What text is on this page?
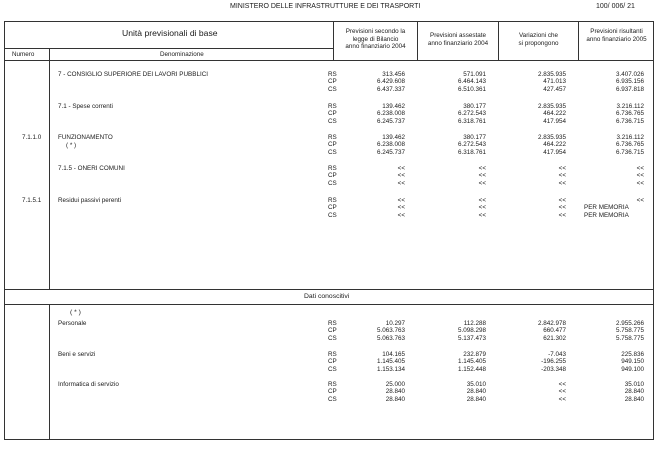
MINISTERO DELLE INFRASTRUTTURE E DEI TRASPORTI	100/ 006/ 21
Unità previsionali di base
Numero	Denominazione
Previsioni secondo la
legge di Bilancio
anno finanziario 2004
Previsioni assestate
anno finanziario 2004
Variazioni che
si propongono
Previsioni risultanti
anno finanziario 2005
Dati conoscitivi
( * )
7 - CONSIGLIO SUPERIORE DEI LAVORI PUBBLICI	RS	313.456	571.091	2.835.935	3.407.026
CP	6.429.608	6.464.143	471.013	6.935.156
CS	6.437.337	6.510.361	427.457	6.937.818
7.1 - Spese correnti	RS	139.462	380.177	2.835.935	3.216.112
CP	6.238.008	6.272.543	464.222	6.736.765
CS	6.245.737	6.318.761	417.954	6.736.715
7.1.1.0	FUNZIONAMENTO
( * )
RS	139.462	380.177	2.835.935	3.216.112
CP	6.238.008	6.272.543	464.222	6.736.765
CS	6.245.737	6.318.761	417.954	6.736.715
7.1.5 - ONERI COMUNI	RS	<<	<<	<<	<<
CP	<<	<<	<<	<<
CS	<<	<<	<<	<<
7.1.5.1	Residui passivi perenti	RS	<<	<<	<<	<<
CP	<<	<<	<<	PER MEMORIA
CS	<<	<<	<<	PER MEMORIA
Personale	RS	10.297	112.288	2.842.978	2.955.266
CP	5.063.763	5.098.298	660.477	5.758.775
CS	5.063.763	5.137.473	621.302	5.758.775
Beni e servizi	RS	104.165	232.879	-7.043	225.836
CP	1.145.405	1.145.405	-196.255	949.150
CS	1.153.134	1.152.448	-203.348	949.100
Informatica di servizio	RS	25.000	35.010	<<	35.010
CP	28.840	28.840	<<	28.840
CS	28.840	28.840	<<	28.840
